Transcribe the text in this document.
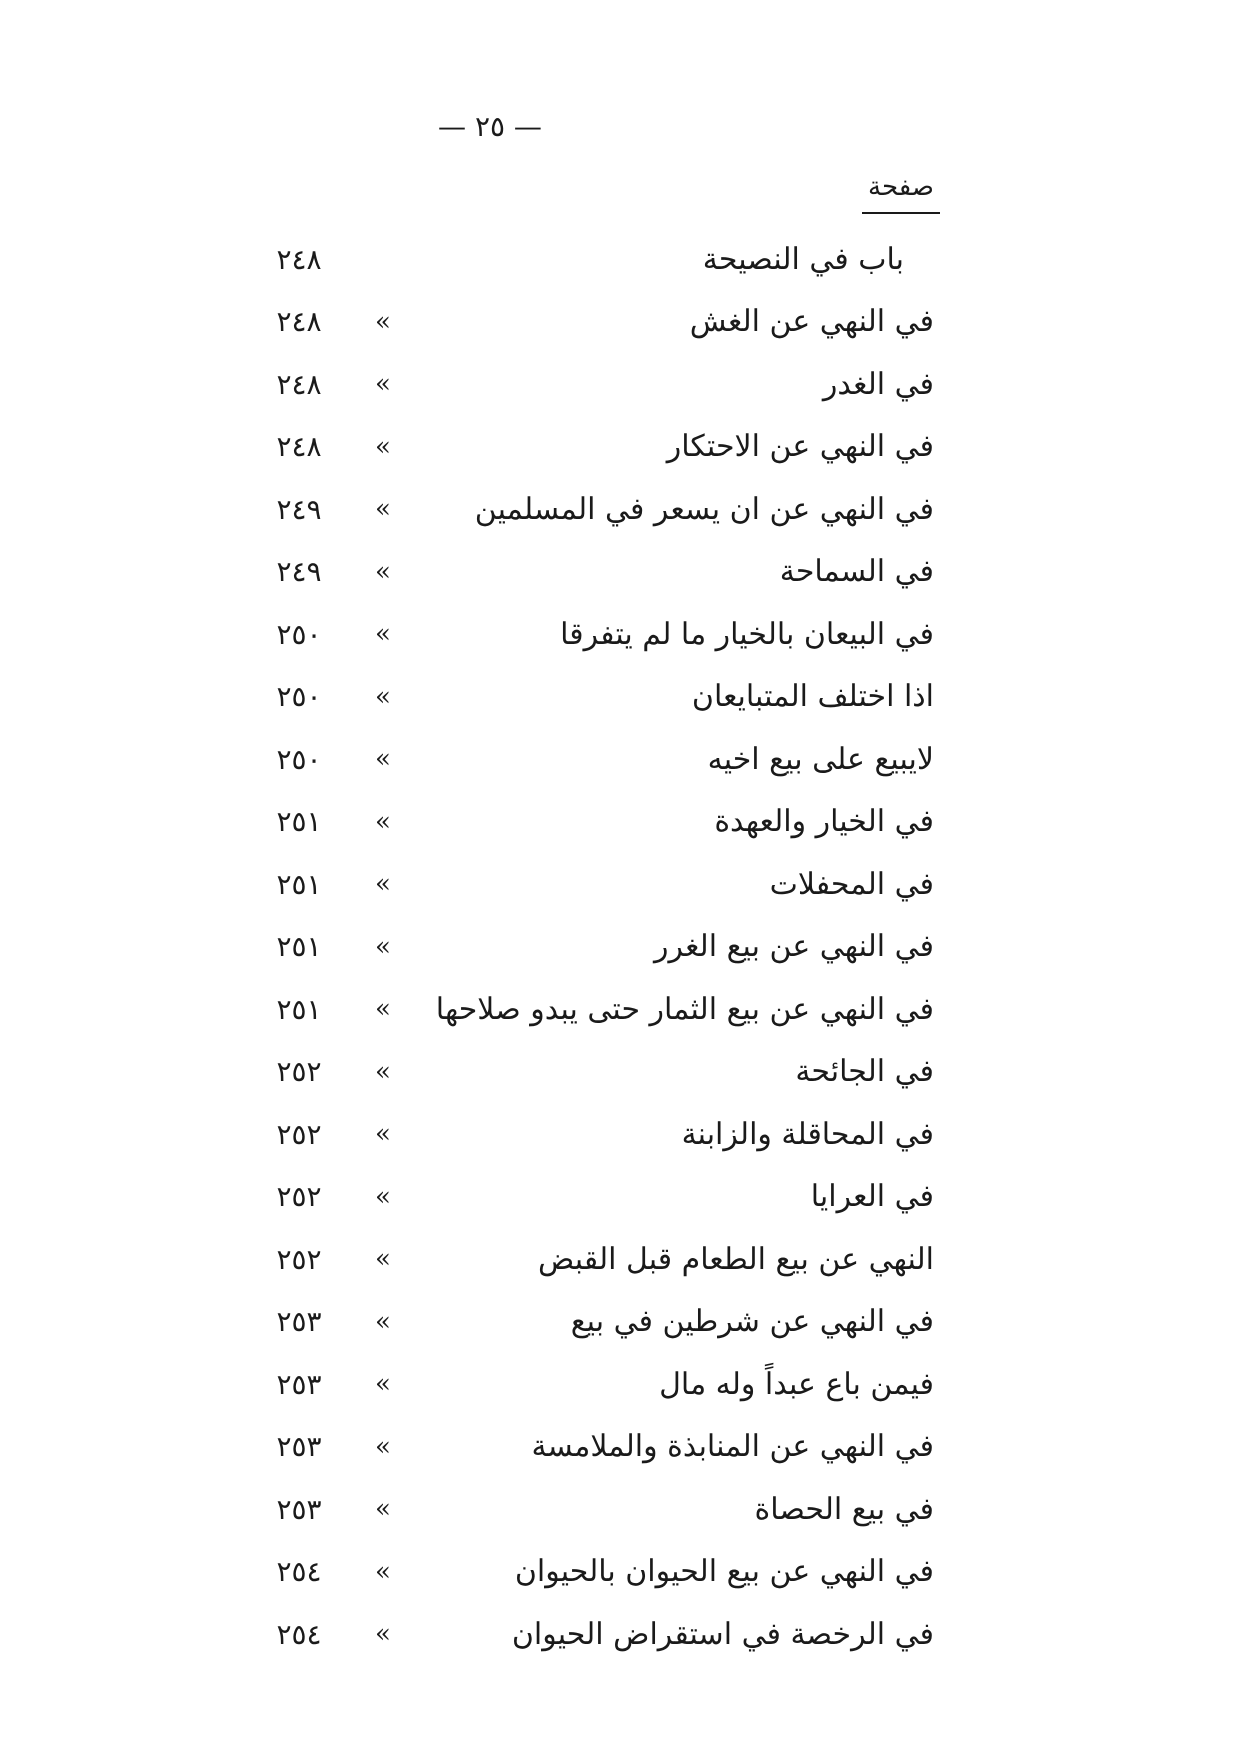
— ٢٥ —
صفحة
٢٤٨	باب في النصيحة
٢٤٨	»	في النهي عن الغش
٢٤٨	»	في الغدر
٢٤٨	»	في النهي عن الاحتكار
٢٤٩	»	في النهي عن ان يسعر في المسلمين
٢٤٩	»	في السماحة
٢٥٠	»	في البيعان بالخيار ما لم يتفرقا
٢٥٠	»	اذا اختلف المتبايعان
٢٥٠	»	لايبيع على بيع اخيه
٢٥١	»	في الخيار والعهدة
٢٥١	»	في المحفلات
٢٥١	»	في النهي عن بيع الغرر
٢٥١	»	في النهي عن بيع الثمار حتى يبدو صلاحها
٢٥٢	»	في الجائحة
٢٥٢	»	في المحاقلة والزابنة
٢٥٢	»	في العرايا
٢٥٢	»	النهي عن بيع الطعام قبل القبض
٢٥٣	»	في النهي عن شرطين في بيع
٢٥٣	»	فيمن باع عبداً وله مال
٢٥٣	»	في النهي عن المنابذة والملامسة
٢٥٣	»	في بيع الحصاة
٢٥٤	»	في النهي عن بيع الحيوان بالحيوان
٢٥٤	»	في الرخصة في استقراض الحيوان
